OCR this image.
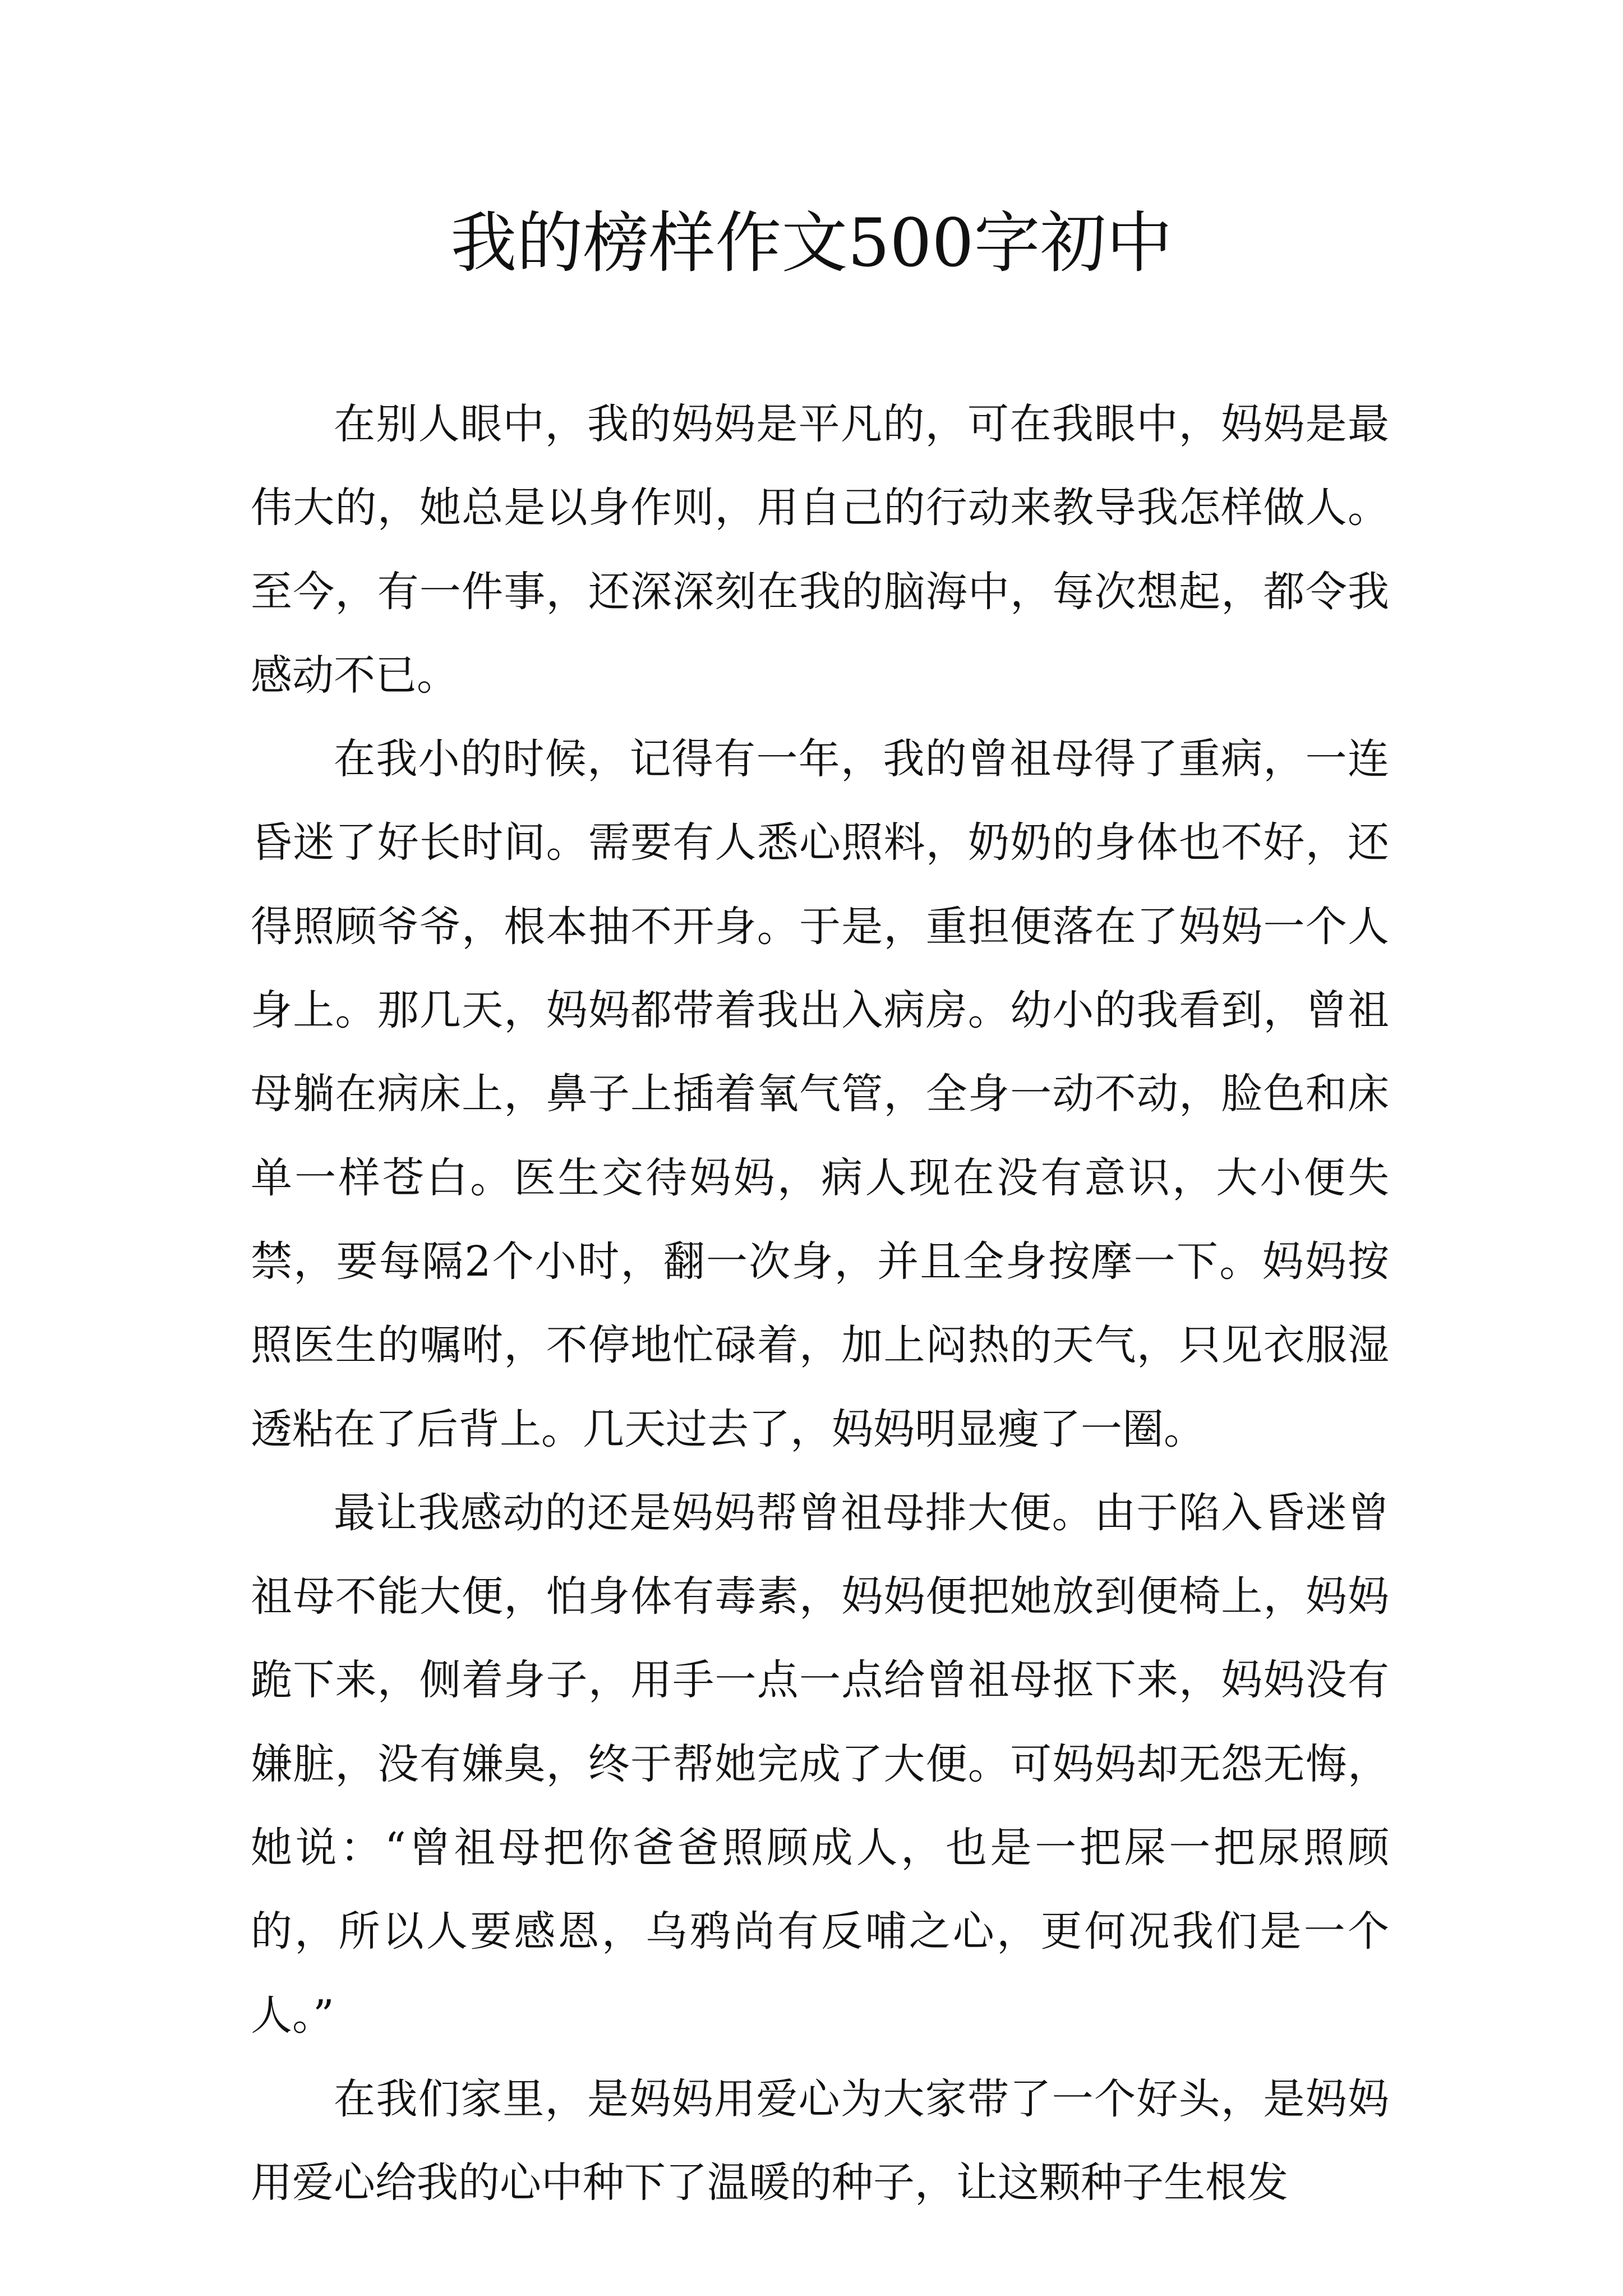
我的榜样作文500字初中

在别人眼中，我的妈妈是平凡的，可在我眼中，妈妈是最伟大的，她总是以身作则，用自己的行动来教导我怎样做人。至今，有一件事，还深深刻在我的脑海中，每次想起，都令我感动不已。

在我小的时候，记得有一年，我的曾祖母得了重病，一连昏迷了好长时间。需要有人悉心照料，奶奶的身体也不好，还得照顾爷爷，根本抽不开身。于是，重担便落在了妈妈一个人身上。那几天，妈妈都带着我出入病房。幼小的我看到，曾祖母躺在病床上，鼻子上插着氧气管，全身一动不动，脸色和床单一样苍白。医生交待妈妈，病人现在没有意识，大小便失禁，要每隔2个小时，翻一次身，并且全身按摩一下。妈妈按照医生的嘱咐，不停地忙碌着，加上闷热的天气，只见衣服湿透粘在了后背上。几天过去了，妈妈明显瘦了一圈。

最让我感动的还是妈妈帮曾祖母排大便。由于陷入昏迷曾祖母不能大便，怕身体有毒素，妈妈便把她放到便椅上，妈妈跪下来，侧着身子，用手一点一点给曾祖母抠下来，妈妈没有嫌脏，没有嫌臭，终于帮她完成了大便。可妈妈却无怨无悔，她说：“曾祖母把你爸爸照顾成人，也是一把屎一把尿照顾的，所以人要感恩，乌鸦尚有反哺之心，更何况我们是一个人。”

在我们家里，是妈妈用爱心为大家带了一个好头，是妈妈用爱心给我的心中种下了温暖的种子，让这颗种子生根发
